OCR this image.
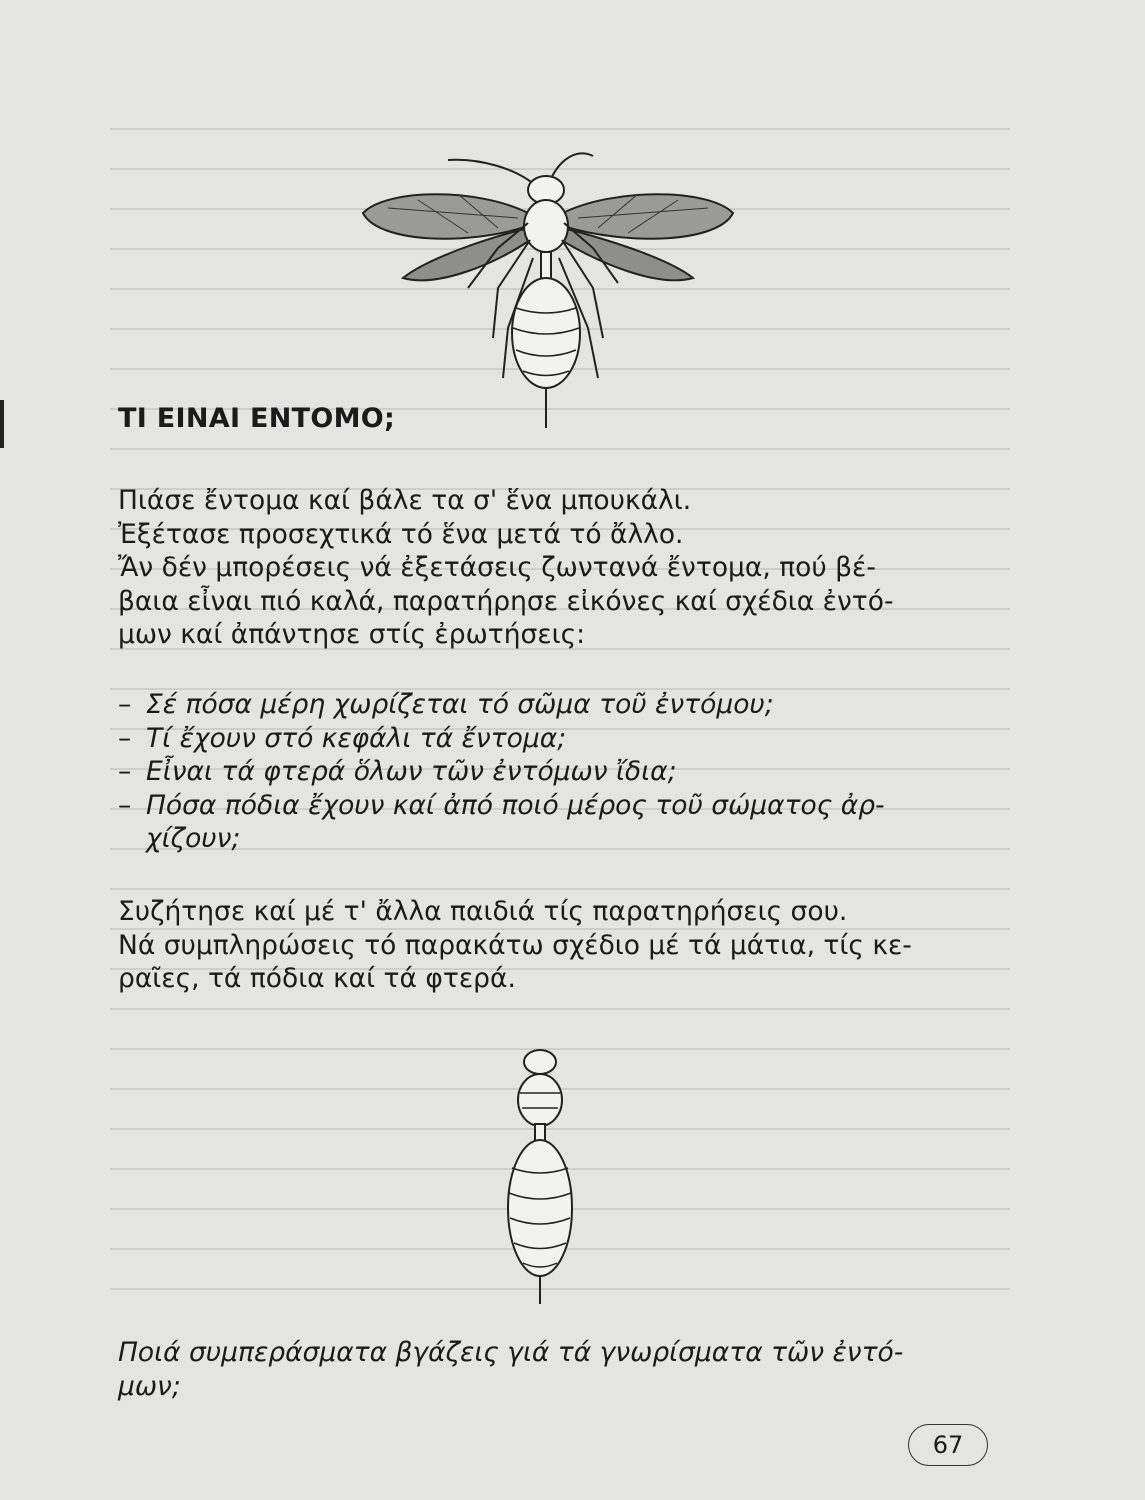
ΤΙ ΕΙΝΑΙ ΕΝΤΟΜΟ;

Πιάσε ἔντομα καί βάλε τα σ' ἕνα μπουκάλι.

Ἐξέτασε προσεχτικά τό ἕνα μετά τό ἄλλο.

Ἄν δέν μπορέσεις νά ἐξετάσεις ζωντανά ἔντομα, πού βέ-

βαια εἶναι πιό καλά, παρατήρησε εἰκόνες καί σχέδια ἐντό-

μων καί ἀπάντησε στίς ἐρωτήσεις:

– Σέ πόσα μέρη χωρίζεται τό σῶμα τοῦ ἐντόμου;

– Τί ἔχουν στό κεφάλι τά ἔντομα;

– Εἶναι τά φτερά ὅλων τῶν ἐντόμων ἴδια;

– Πόσα πόδια ἔχουν καί ἀπό ποιό μέρος τοῦ σώματος ἀρ-

χίζουν;

Συζήτησε καί μέ τ' ἄλλα παιδιά τίς παρατηρήσεις σου.

Νά συμπληρώσεις τό παρακάτω σχέδιο μέ τά μάτια, τίς κε-

ραῖες, τά πόδια καί τά φτερά.

Ποιά συμπεράσματα βγάζεις γιά τά γνωρίσματα τῶν ἐντό-

μων;

67
